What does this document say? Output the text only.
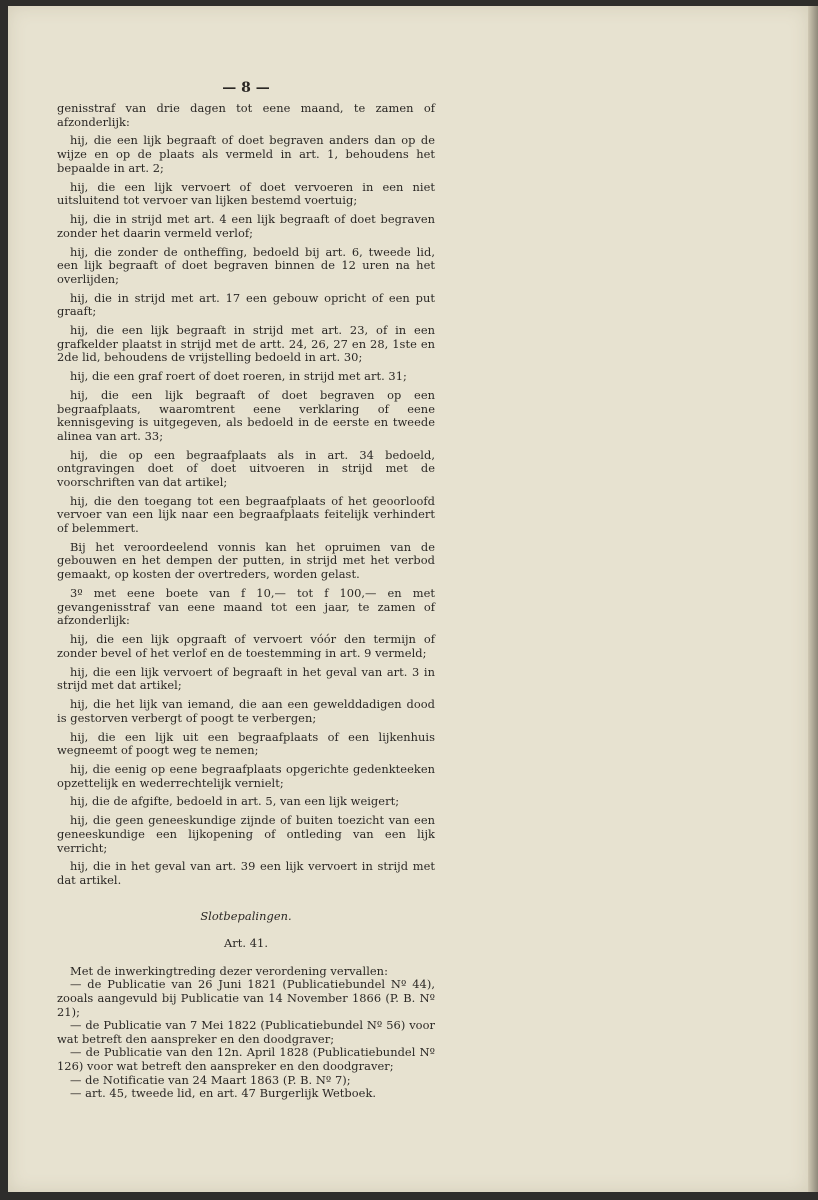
— 8 —

genisstraf van drie dagen tot eene maand, te zamen of afzonderlijk:

hij, die een lijk begraaft of doet begraven anders dan op de wijze en op de plaats als vermeld in art. 1, behoudens het bepaalde in art. 2;

hij, die een lijk vervoert of doet vervoeren in een niet uitsluitend tot vervoer van lijken bestemd voertuig;

hij, die in strijd met art. 4 een lijk begraaft of doet begraven zonder het daarin vermeld verlof;

hij, die zonder de ontheffing, bedoeld bij art. 6, tweede lid, een lijk begraaft of doet begraven binnen de 12 uren na het overlijden;

hij, die in strijd met art. 17 een gebouw opricht of een put graaft;

hij, die een lijk begraaft in strijd met art. 23, of in een grafkelder plaatst in strijd met de artt. 24, 26, 27 en 28, 1ste en 2de lid, behoudens de vrijstelling bedoeld in art. 30;

hij, die een graf roert of doet roeren, in strijd met art. 31;

hij, die een lijk begraaft of doet begraven op een begraafplaats, waaromtrent eene verklaring of eene kennisgeving is uitgegeven, als bedoeld in de eerste en tweede alinea van art. 33;

hij, die op een begraafplaats als in art. 34 bedoeld, ontgravingen doet of doet uitvoeren in strijd met de voorschriften van dat artikel;

hij, die den toegang tot een begraafplaats of het geoorloofd vervoer van een lijk naar een begraafplaats feitelijk verhindert of belemmert.

Bij het veroordeelend vonnis kan het opruimen van de gebouwen en het dempen der putten, in strijd met het verbod gemaakt, op kosten der overtreders, worden gelast.

3º met eene boete van f 10,— tot f 100,— en met gevangenisstraf van eene maand tot een jaar, te zamen of afzonderlijk:

hij, die een lijk opgraaft of vervoert vóór den termijn of zonder bevel of het verlof en de toestemming in art. 9 vermeld;

hij, die een lijk vervoert of begraaft in het geval van art. 3 in strijd met dat artikel;

hij, die het lijk van iemand, die aan een gewelddadigen dood is gestorven verbergt of poogt te verbergen;

hij, die een lijk uit een begraafplaats of een lijkenhuis wegneemt of poogt weg te nemen;

hij, die eenig op eene begraafplaats opgerichte gedenkteeken opzettelijk en wederrechtelijk vernielt;

hij, die de afgifte, bedoeld in art. 5, van een lijk weigert;

hij, die geen geneeskundige zijnde of buiten toezicht van een geneeskundige een lijkopening of ontleding van een lijk verricht;

hij, die in het geval van art. 39 een lijk vervoert in strijd met dat artikel.

Slotbepalingen.

Art. 41.

Met de inwerkingtreding dezer verordening vervallen:

— de Publicatie van 26 Juni 1821 (Publicatiebundel Nº 44), zooals aangevuld bij Publicatie van 14 November 1866 (P. B. Nº 21);

— de Publicatie van 7 Mei 1822 (Publicatiebundel Nº 56) voor wat betreft den aanspreker en den doodgraver;

— de Publicatie van den 12n. April 1828 (Publicatiebundel Nº 126) voor wat betreft den aanspreker en den doodgraver;

— de Notificatie van 24 Maart 1863 (P. B. Nº 7);

— art. 45, tweede lid, en art. 47 Burgerlijk Wetboek.
